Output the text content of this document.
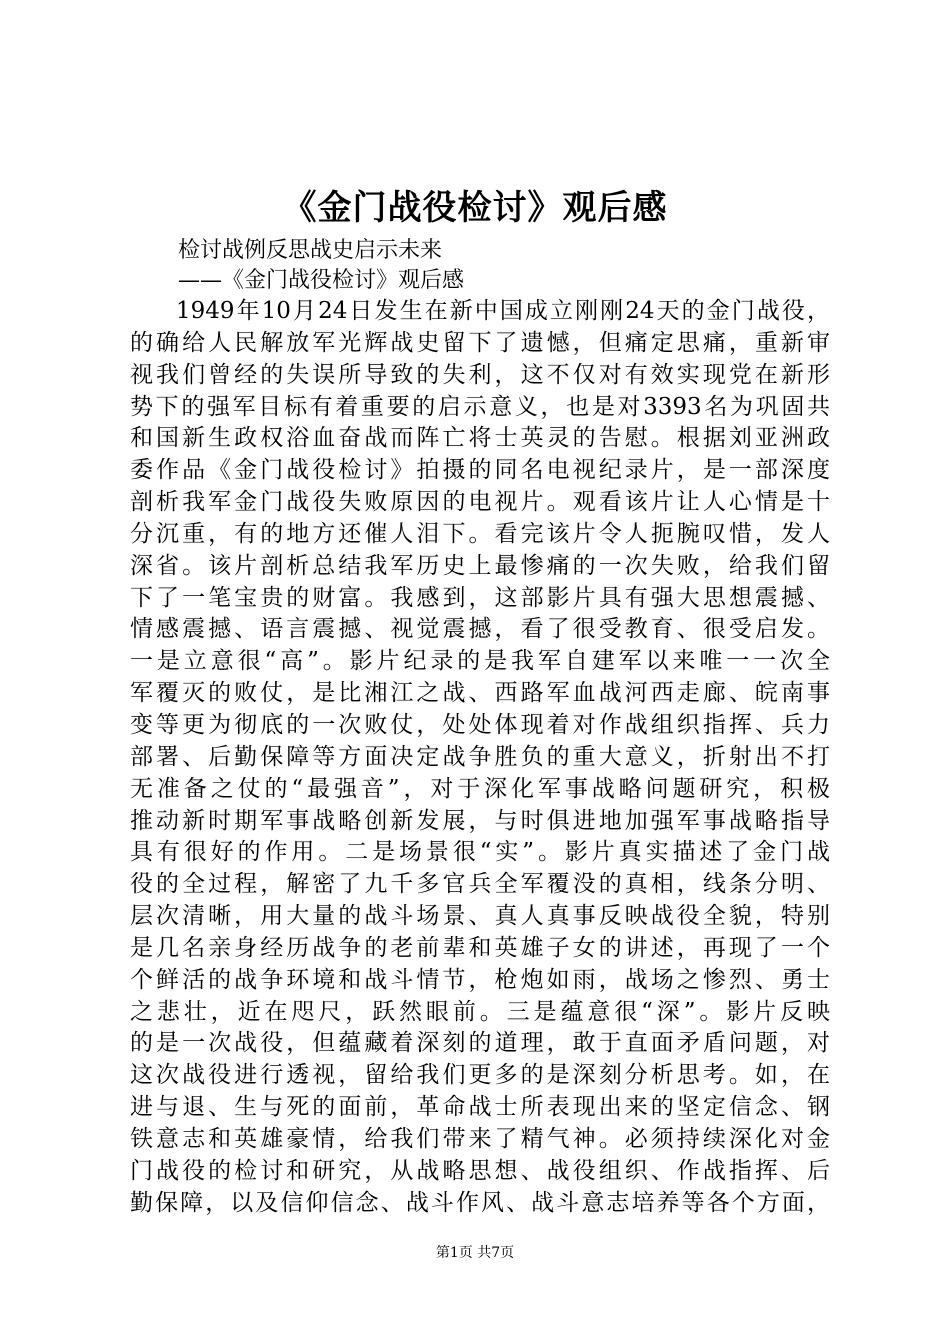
《金门战役检讨》观后感
检讨战例反思战史启示未来
——《金门战役检讨》观后感
1949年10月24日发生在新中国成立刚刚24天的金门战役，
的确给人民解放军光辉战史留下了遗憾，但痛定思痛，重新审
视我们曾经的失误所导致的失利，这不仅对有效实现党在新形
势下的强军目标有着重要的启示意义，也是对3393名为巩固共
和国新生政权浴血奋战而阵亡将士英灵的告慰。根据刘亚洲政
委作品《金门战役检讨》拍摄的同名电视纪录片，是一部深度
剖析我军金门战役失败原因的电视片。观看该片让人心情是十
分沉重，有的地方还催人泪下。看完该片令人扼腕叹惜，发人
深省。该片剖析总结我军历史上最惨痛的一次失败，给我们留
下了一笔宝贵的财富。我感到，这部影片具有强大思想震撼、
情感震撼、语言震撼、视觉震撼，看了很受教育、很受启发。
一是立意很“高”。影片纪录的是我军自建军以来唯一一次全
军覆灭的败仗，是比湘江之战、西路军血战河西走廊、皖南事
变等更为彻底的一次败仗，处处体现着对作战组织指挥、兵力
部署、后勤保障等方面决定战争胜负的重大意义，折射出不打
无准备之仗的“最强音”，对于深化军事战略问题研究，积极
推动新时期军事战略创新发展，与时俱进地加强军事战略指导
具有很好的作用。二是场景很“实”。影片真实描述了金门战
役的全过程，解密了九千多官兵全军覆没的真相，线条分明、
层次清晰，用大量的战斗场景、真人真事反映战役全貌，特别
是几名亲身经历战争的老前辈和英雄子女的讲述，再现了一个
个鲜活的战争环境和战斗情节，枪炮如雨，战场之惨烈、勇士
之悲壮，近在咫尺，跃然眼前。三是蕴意很“深”。影片反映
的是一次战役，但蕴藏着深刻的道理，敢于直面矛盾问题，对
这次战役进行透视，留给我们更多的是深刻分析思考。如，在
进与退、生与死的面前，革命战士所表现出来的坚定信念、钢
铁意志和英雄豪情，给我们带来了精气神。必须持续深化对金
门战役的检讨和研究，从战略思想、战役组织、作战指挥、后
勤保障，以及信仰信念、战斗作风、战斗意志培养等各个方面，
第1页 共7页
